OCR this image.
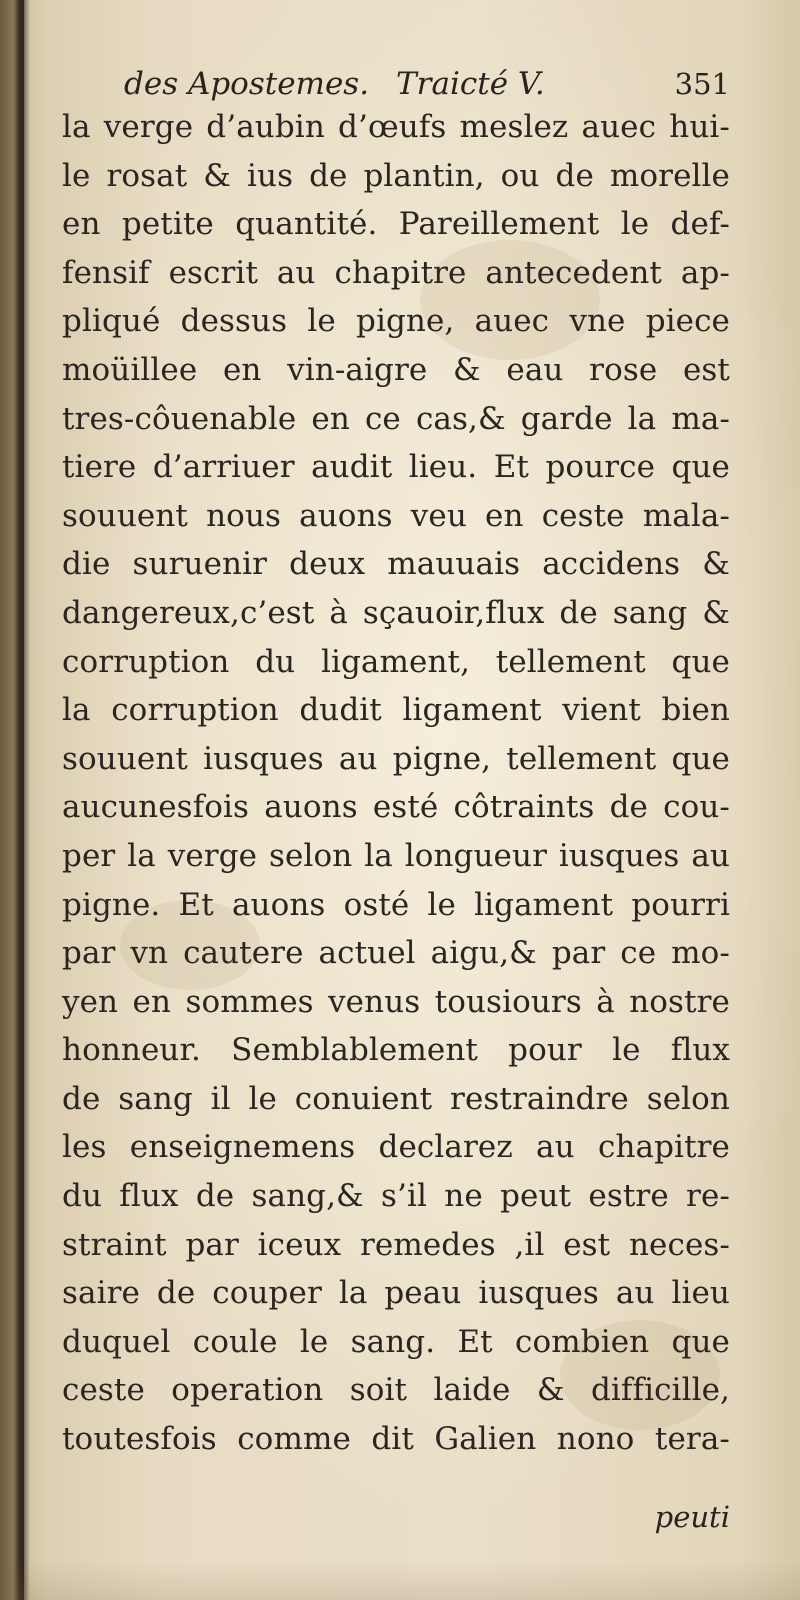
des Apostemes. Traicté V.	351
la verge d’aubin d’œufs meslez auec hui-
le rosat & ius de plantin, ou de morelle
en petite quantité. Pareillement le def-
fensif escrit au chapitre antecedent ap-
pliqué dessus le pigne, auec vne piece
moüillee en vin-aigre & eau rose est
tres-côuenable en ce cas,& garde la ma-
tiere d’arriuer audit lieu. Et pource que
souuent nous auons veu en ceste mala-
die suruenir deux mauuais accidens &
dangereux,c’est à sçauoir,flux de sang &
corruption du ligament, tellement que
la corruption dudit ligament vient bien
souuent iusques au pigne, tellement que
aucunesfois auons esté côtraints de cou-
per la verge selon la longueur iusques au
pigne. Et auons osté le ligament pourri
par vn cautere actuel aigu,& par ce mo-
yen en sommes venus tousiours à nostre
honneur. Semblablement pour le flux
de sang il le conuient restraindre selon
les enseignemens declarez au chapitre
du flux de sang,& s’il ne peut estre re-
straint par iceux remedes ,il est neces-
saire de couper la peau iusques au lieu
duquel coule le sang. Et combien que
ceste operation soit laide & difficille,
toutesfois comme dit Galien nono tera-
peuti
